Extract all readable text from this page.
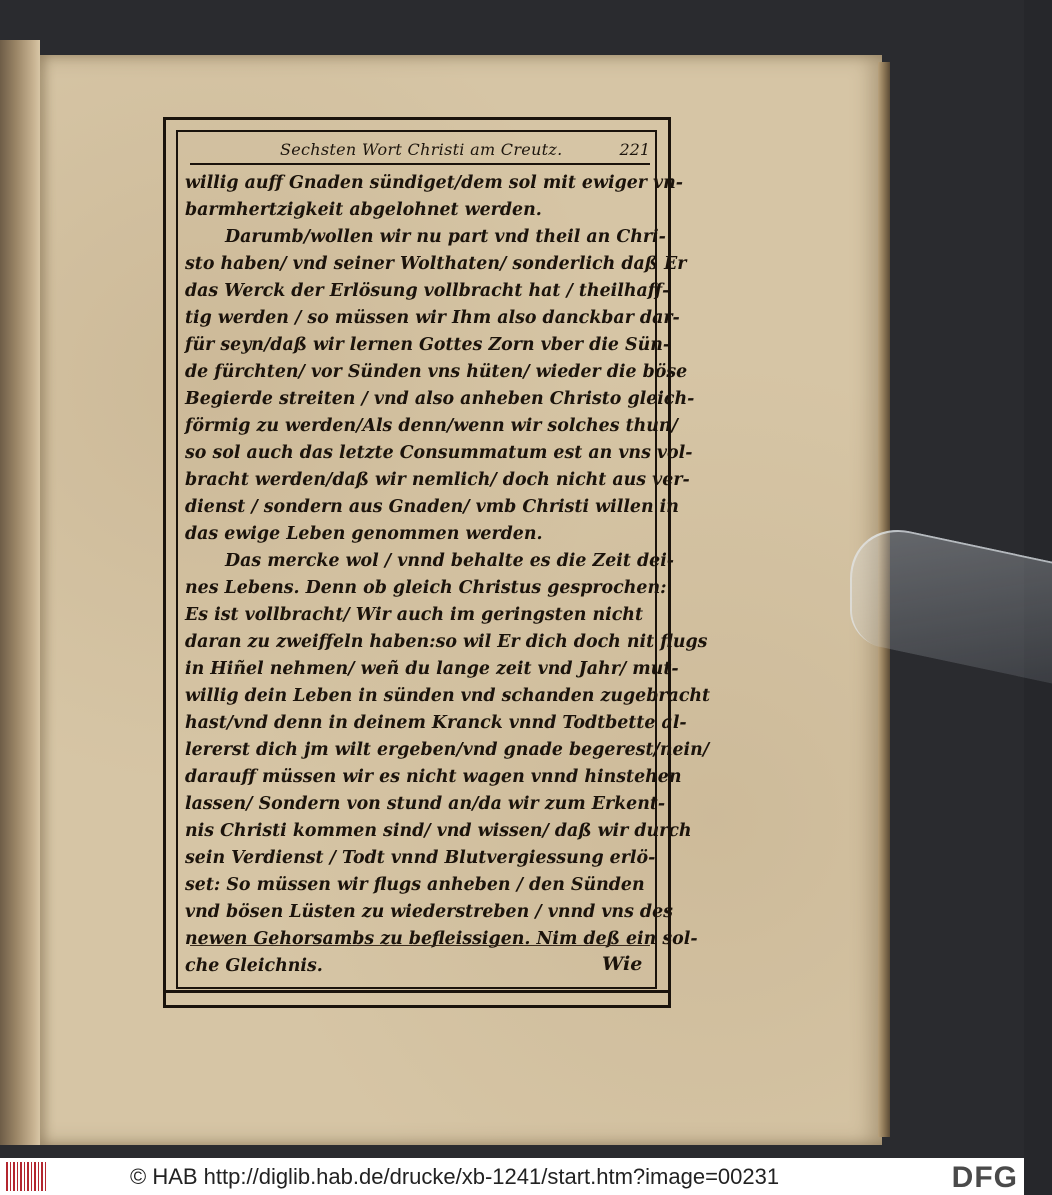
Sechsten Wort Christi am Creutz.	221
willig auff Gnaden sündiget/dem sol mit ewiger vn-
barmhertzigkeit abgelohnet werden.
Darumb/wollen wir nu part vnd theil an Chri-
sto haben/ vnd seiner Wolthaten/ sonderlich daß Er
das Werck der Erlösung vollbracht hat / theilhaff-
tig werden / so müssen wir Ihm also danckbar dar-
für seyn/daß wir lernen Gottes Zorn vber die Sün-
de fürchten/ vor Sünden vns hüten/ wieder die böse
Begierde streiten / vnd also anheben Christo gleich-
förmig zu werden/Als denn/wenn wir solches thun/
so sol auch das letzte Consummatum est an vns vol-
bracht werden/daß wir nemlich/ doch nicht aus ver-
dienst / sondern aus Gnaden/ vmb Christi willen in
das ewige Leben genommen werden.
Das mercke wol / vnnd behalte es die Zeit dei-
nes Lebens. Denn ob gleich Christus gesprochen:
Es ist vollbracht/ Wir auch im geringsten nicht
daran zu zweiffeln haben:so wil Er dich doch nit flugs
in Hiñel nehmen/ weñ du lange zeit vnd Jahr/ mut-
willig dein Leben in sünden vnd schanden zugebracht
hast/vnd denn in deinem Kranck vnnd Todtbette al-
lererst dich jm wilt ergeben/vnd gnade begerest/nein/
darauff müssen wir es nicht wagen vnnd hinstehen
lassen/ Sondern von stund an/da wir zum Erkent-
nis Christi kommen sind/ vnd wissen/ daß wir durch
sein Verdienst / Todt vnnd Blutvergiessung erlö-
set: So müssen wir flugs anheben / den Sünden
vnd bösen Lüsten zu wiederstreben / vnnd vns des
newen Gehorsambs zu befleissigen. Nim deß ein sol-
che Gleichnis.	Wie
© HAB http://diglib.hab.de/drucke/xb-1241/start.htm?image=00231	DFG
